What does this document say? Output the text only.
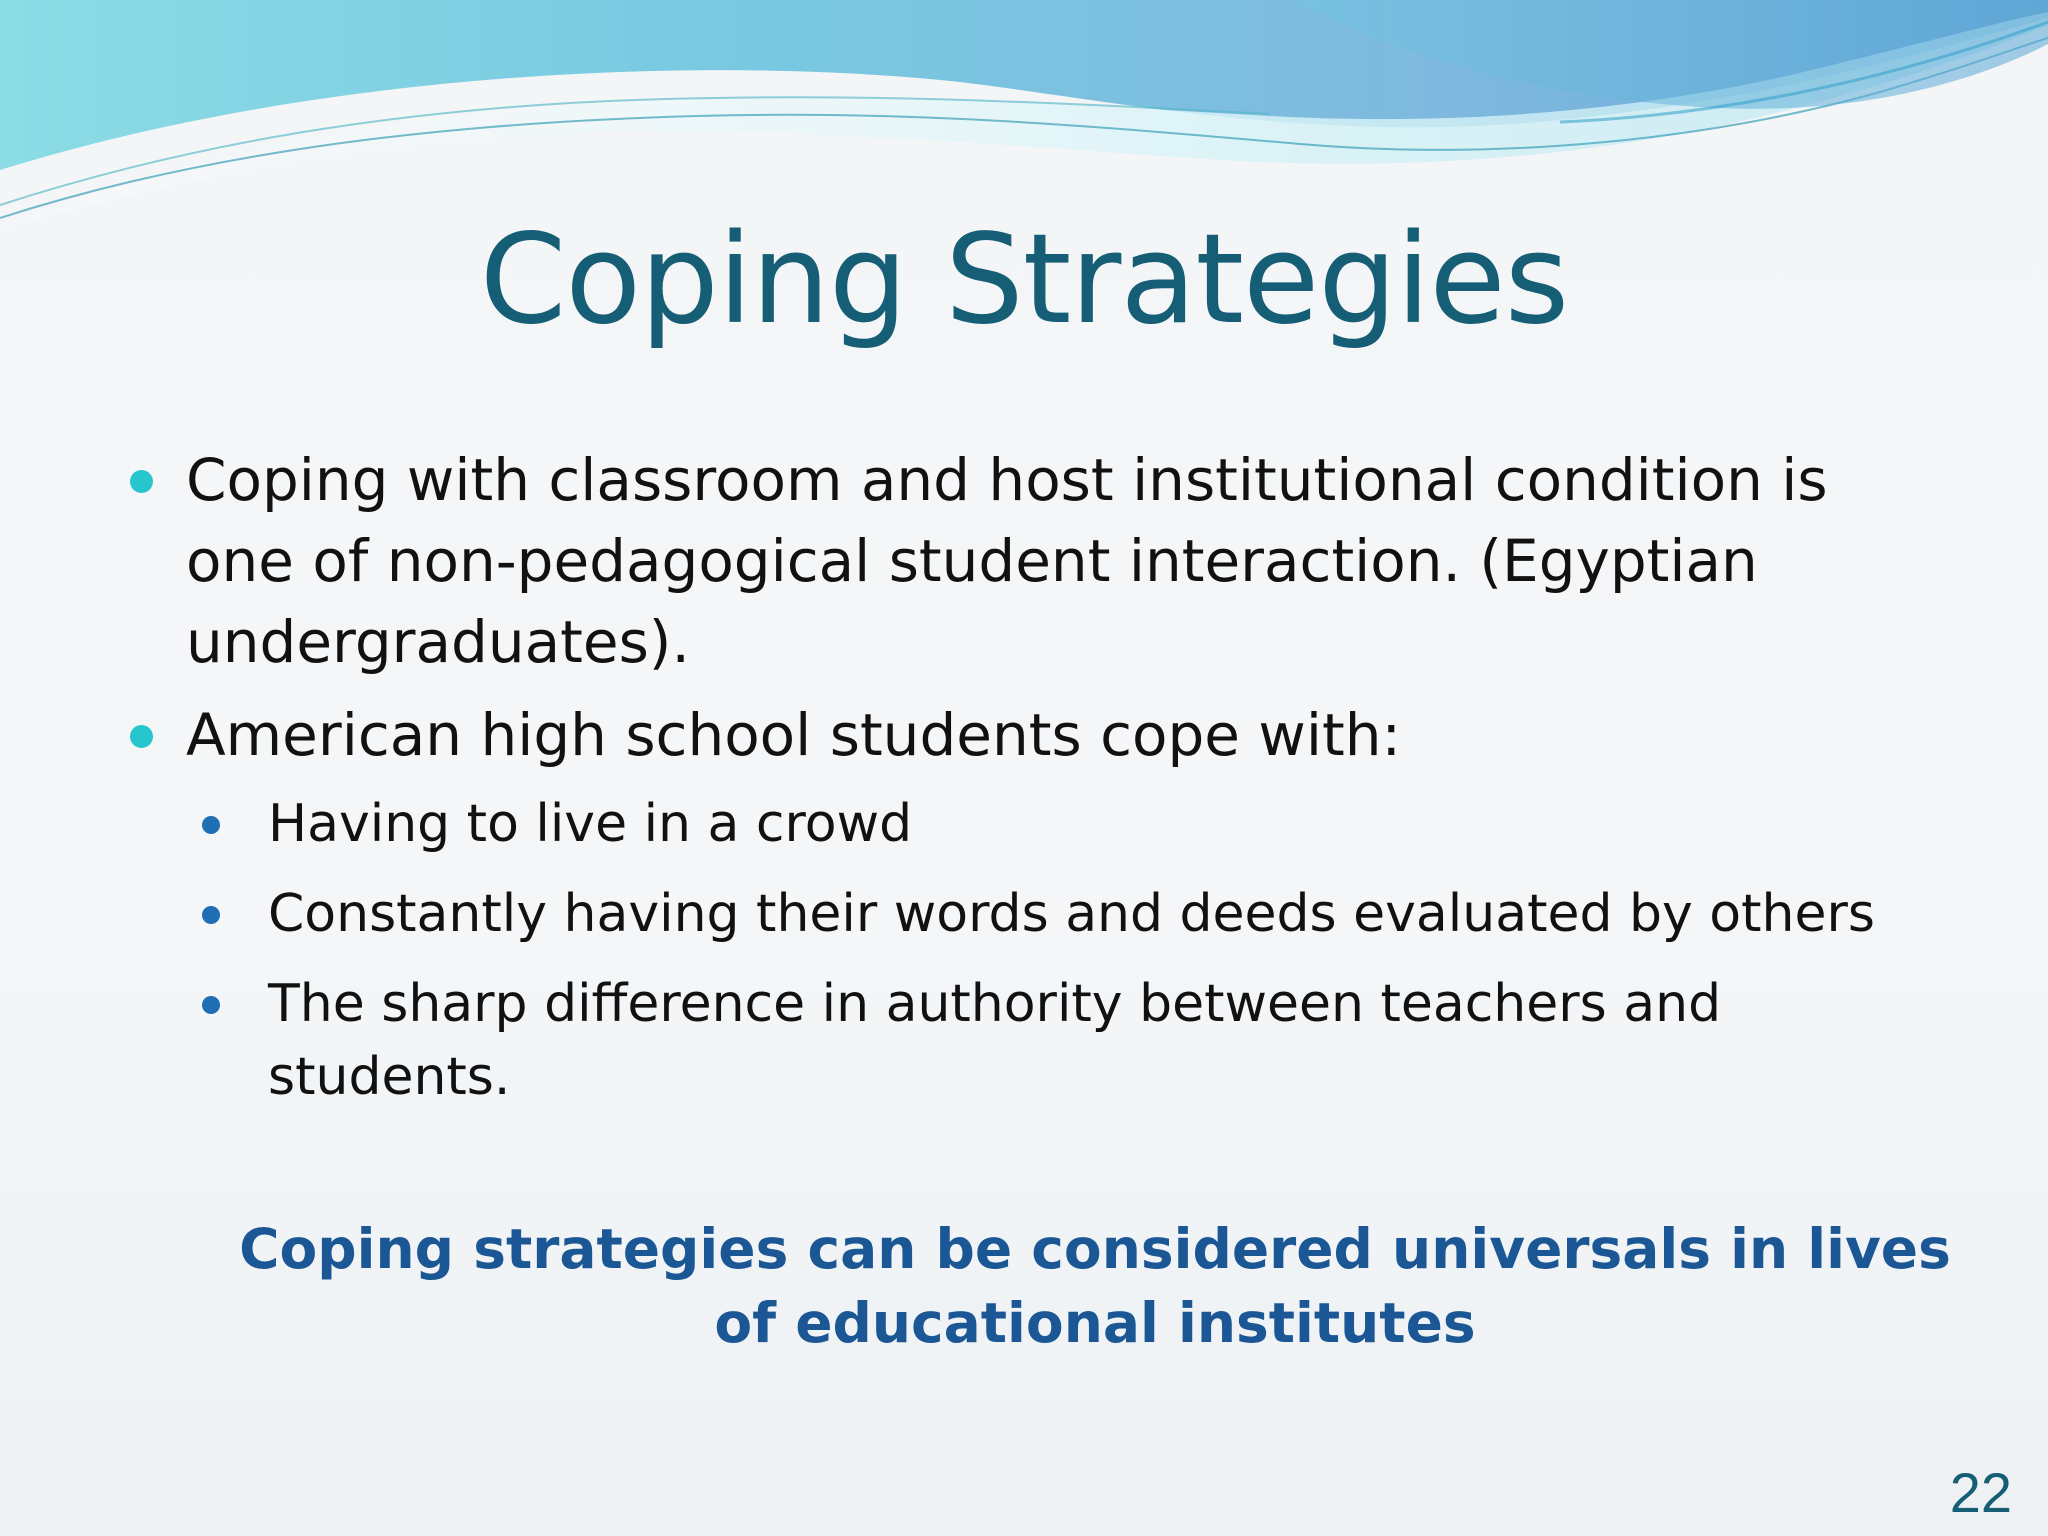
Coping Strategies
Coping with classroom and host institutional condition is one of non-pedagogical student interaction. (Egyptian undergraduates).
American high school students cope with:
Having to live in a crowd
Constantly having their words and deeds evaluated by others
The sharp difference in authority between teachers and students.
Coping strategies can be considered universals in lives of educational institutes
22
